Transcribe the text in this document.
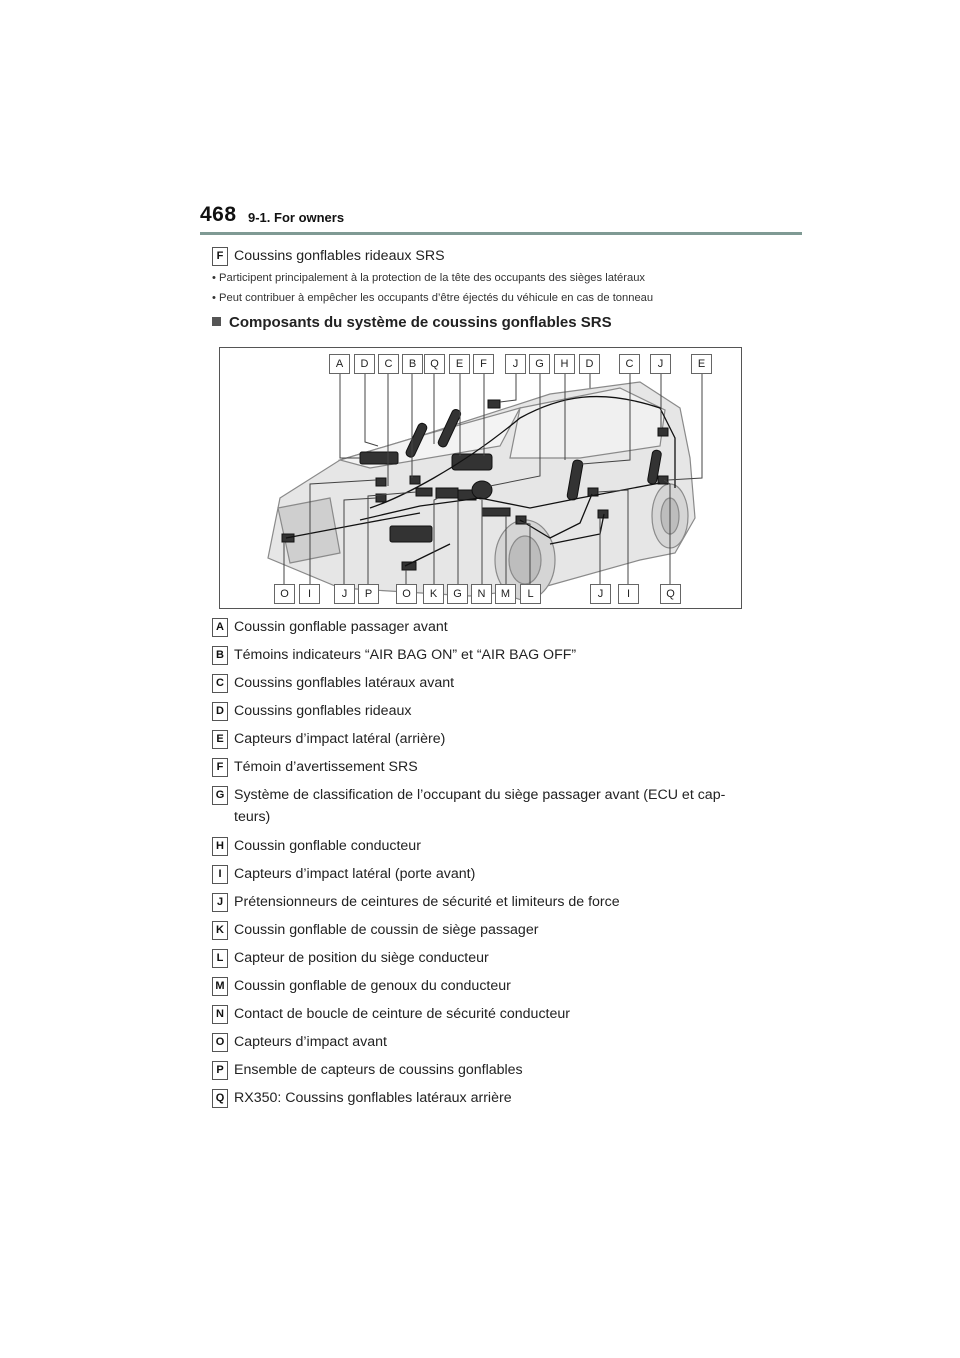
468 9-1. For owners
F Coussins gonflables rideaux SRS
• Participent principalement à la protection de la tête des occupants des sièges latéraux
• Peut contribuer à empêcher les occupants d’être éjectés du véhicule en cas de tonneau
Composants du système de coussins gonflables SRS
A	D	C	B	Q	E	F	J	G	H	D	C	J	E
O	I	J	P	O	K	G	N	M	L	J	I	Q
A Coussin gonflable passager avant
B Témoins indicateurs “AIR BAG ON” et “AIR BAG OFF”
C Coussins gonflables latéraux avant
D Coussins gonflables rideaux
E Capteurs d’impact latéral (arrière)
F Témoin d’avertissement SRS
G Système de classification de l’occupant du siège passager avant (ECU et cap-
teurs)
H Coussin gonflable conducteur
I Capteurs d’impact latéral (porte avant)
J Prétensionneurs de ceintures de sécurité et limiteurs de force
K Coussin gonflable de coussin de siège passager
L Capteur de position du siège conducteur
M Coussin gonflable de genoux du conducteur
N Contact de boucle de ceinture de sécurité conducteur
O Capteurs d’impact avant
P Ensemble de capteurs de coussins gonflables
Q RX350: Coussins gonflables latéraux arrière
